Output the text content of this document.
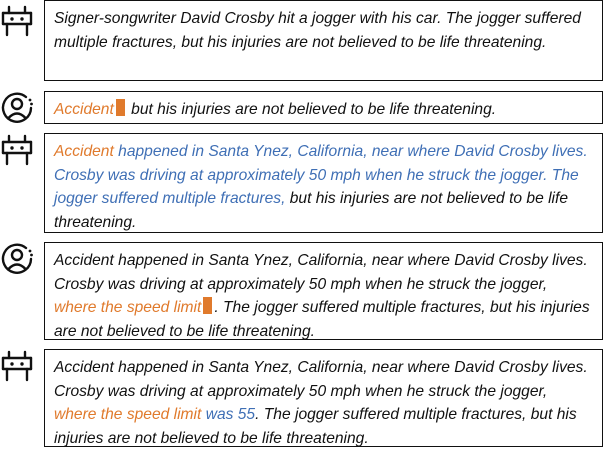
Signer-songwriter David Crosby hit a jogger with his car. The jogger suffered multiple fractures, but his injuries are not believed to be life threatening.
Accident but his injuries are not believed to be life threatening.
Accident happened in Santa Ynez, California, near where David Crosby lives. Crosby was driving at approximately 50 mph when he struck the jogger. The jogger suffered multiple fractures, but his injuries are not believed to be life threatening.
Accident happened in Santa Ynez, California, near where David Crosby lives. Crosby was driving at approximately 50 mph when he struck the jogger, where the speed limit . The jogger suffered multiple fractures, but his injuries are not believed to be life threatening.
Accident happened in Santa Ynez, California, near where David Crosby lives. Crosby was driving at approximately 50 mph when he struck the jogger, where the speed limit was 55. The jogger suffered multiple fractures, but his injuries are not believed to be life threatening.
